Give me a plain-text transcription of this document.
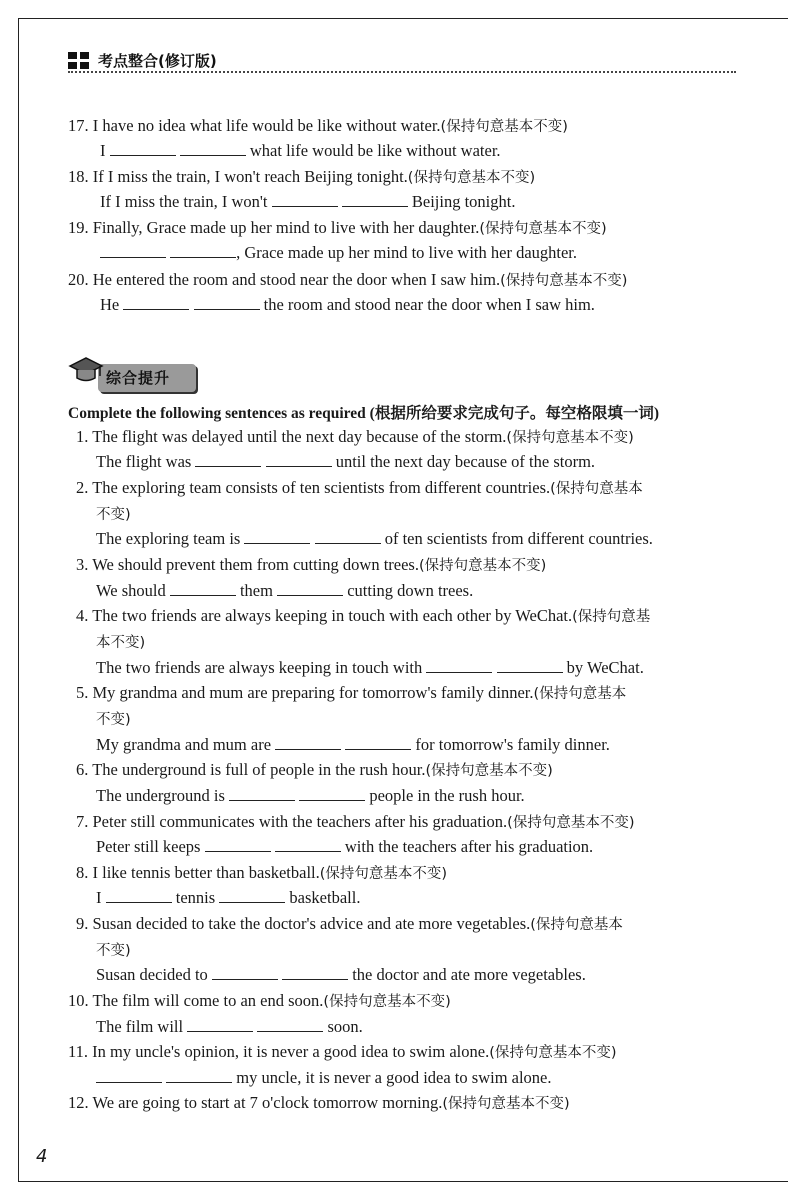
考点整合(修订版)
综合提升
Complete the following sentences as required (根据所给要求完成句子。每空格限填一词)
17. I have no idea what life would be like without water.(保持句意基本不变)
I	what life would be like without water.
18. If I miss the train, I won't reach Beijing tonight.(保持句意基本不变)
If I miss the train, I won't	Beijing tonight.
19. Finally, Grace made up her mind to live with her daughter.(保持句意基本不变)
, Grace made up her mind to live with her daughter.
20. He entered the room and stood near the door when I saw him.(保持句意基本不变)
He	the room and stood near the door when I saw him.
1. The flight was delayed until the next day because of the storm.(保持句意基本不变)
The flight was	until the next day because of the storm.
2. The exploring team consists of ten scientists from different countries.(保持句意基本
不变)
The exploring team is	of ten scientists from different countries.
3. We should prevent them from cutting down trees.(保持句意基本不变)
We should	them	cutting down trees.
4. The two friends are always keeping in touch with each other by WeChat.(保持句意基
本不变)
The two friends are always keeping in touch with	by WeChat.
5. My grandma and mum are preparing for tomorrow's family dinner.(保持句意基本
不变)
My grandma and mum are	for tomorrow's family dinner.
6. The underground is full of people in the rush hour.(保持句意基本不变)
The underground is	people in the rush hour.
7. Peter still communicates with the teachers after his graduation.(保持句意基本不变)
Peter still keeps	with the teachers after his graduation.
8. I like tennis better than basketball.(保持句意基本不变)
I	tennis	basketball.
9. Susan decided to take the doctor's advice and ate more vegetables.(保持句意基本
不变)
Susan decided to	the doctor and ate more vegetables.
10. The film will come to an end soon.(保持句意基本不变)
The film will	soon.
11. In my uncle's opinion, it is never a good idea to swim alone.(保持句意基本不变)
my uncle, it is never a good idea to swim alone.
12. We are going to start at 7 o'clock tomorrow morning.(保持句意基本不变)
4
